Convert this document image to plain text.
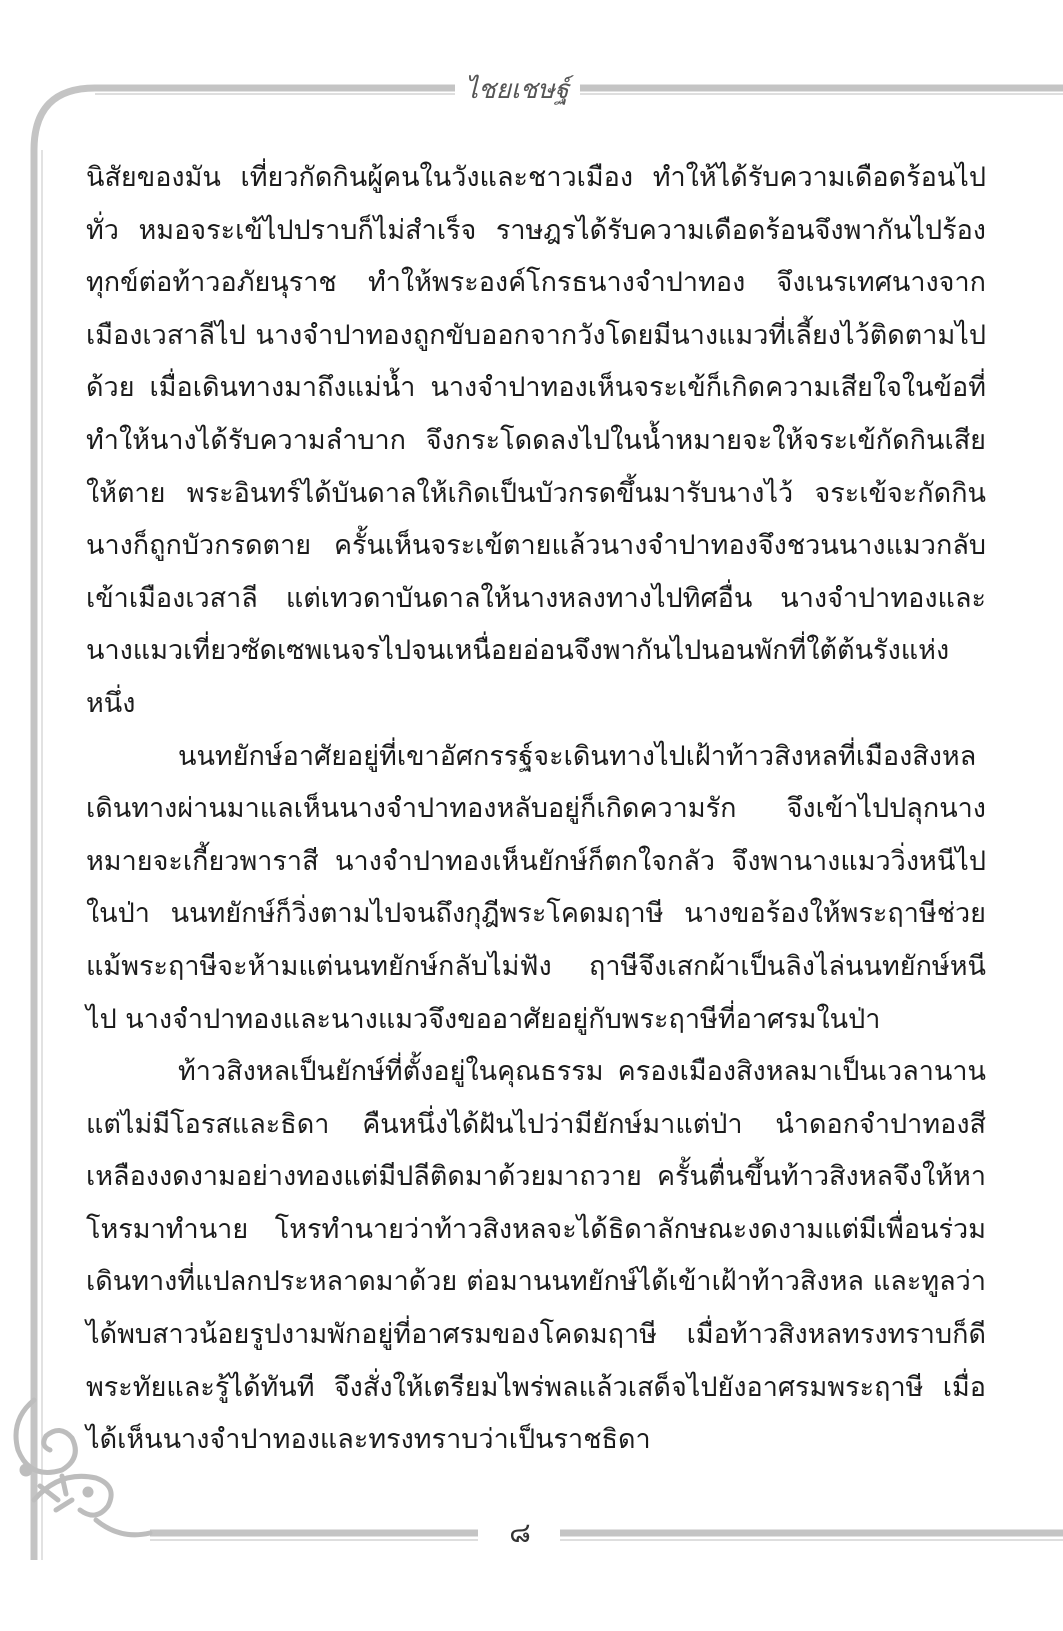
ไชยเชษฐ์

นิสัยของมัน เที่ยวกัดกินผู้คนในวังและชาวเมือง ทำให้ได้รับความเดือดร้อนไปทั่ว หมอจระเข้ไปปราบก็ไม่สำเร็จ ราษฎรได้รับความเดือดร้อนจึงพากันไปร้องทุกข์ต่อท้าวอภัยนุราช ทำให้พระองค์โกรธนางจำปาทอง จึงเนรเทศนางจากเมืองเวสาลีไป นางจำปาทองถูกขับออกจากวังโดยมีนางแมวที่เลี้ยงไว้ติดตามไปด้วย เมื่อเดินทางมาถึงแม่น้ำ นางจำปาทองเห็นจระเข้ก็เกิดความเสียใจในข้อที่ทำให้นางได้รับความลำบาก จึงกระโดดลงไปในน้ำหมายจะให้จระเข้กัดกินเสียให้ตาย พระอินทร์ได้บันดาลให้เกิดเป็นบัวกรดขึ้นมารับนางไว้ จระเข้จะกัดกินนางก็ถูกบัวกรดตาย ครั้นเห็นจระเข้ตายแล้วนางจำปาทองจึงชวนนางแมวกลับเข้าเมืองเวสาลี แต่เทวดาบันดาลให้นางหลงทางไปทิศอื่น นางจำปาทองและนางแมวเที่ยวซัดเซพเนจรไปจนเหนื่อยอ่อนจึงพากันไปนอนพักที่ใต้ต้นรังแห่งหนึ่ง

นนทยักษ์อาศัยอยู่ที่เขาอัศกรรฐ์จะเดินทางไปเฝ้าท้าวสิงหลที่เมืองสิงหล เดินทางผ่านมาแลเห็นนางจำปาทองหลับอยู่ก็เกิดความรัก จึงเข้าไปปลุกนางหมายจะเกี้ยวพาราสี นางจำปาทองเห็นยักษ์ก็ตกใจกลัว จึงพานางแมววิ่งหนีไปในป่า นนทยักษ์ก็วิ่งตามไปจนถึงกุฎีพระโคดมฤาษี นางขอร้องให้พระฤาษีช่วย แม้พระฤาษีจะห้ามแต่นนทยักษ์กลับไม่ฟัง ฤาษีจึงเสกผ้าเป็นลิงไล่นนทยักษ์หนีไป นางจำปาทองและนางแมวจึงขออาศัยอยู่กับพระฤาษีที่อาศรมในป่า

ท้าวสิงหลเป็นยักษ์ที่ตั้งอยู่ในคุณธรรม ครองเมืองสิงหลมาเป็นเวลานานแต่ไม่มีโอรสและธิดา คืนหนึ่งได้ฝันไปว่ามียักษ์มาแต่ป่า นำดอกจำปาทองสีเหลืองงดงามอย่างทองแต่มีปลีติดมาด้วยมาถวาย ครั้นตื่นขึ้นท้าวสิงหลจึงให้หาโหรมาทำนาย โหรทำนายว่าท้าวสิงหลจะได้ธิดาลักษณะงดงามแต่มีเพื่อนร่วมเดินทางที่แปลกประหลาดมาด้วย ต่อมานนทยักษ์ได้เข้าเฝ้าท้าวสิงหล และทูลว่าได้พบสาวน้อยรูปงามพักอยู่ที่อาศรมของโคดมฤาษี เมื่อท้าวสิงหลทรงทราบก็ดีพระทัยและรู้ได้ทันที จึงสั่งให้เตรียมไพร่พลแล้วเสด็จไปยังอาศรมพระฤาษี เมื่อได้เห็นนางจำปาทองและทรงทราบว่าเป็นราชธิดา

๘
